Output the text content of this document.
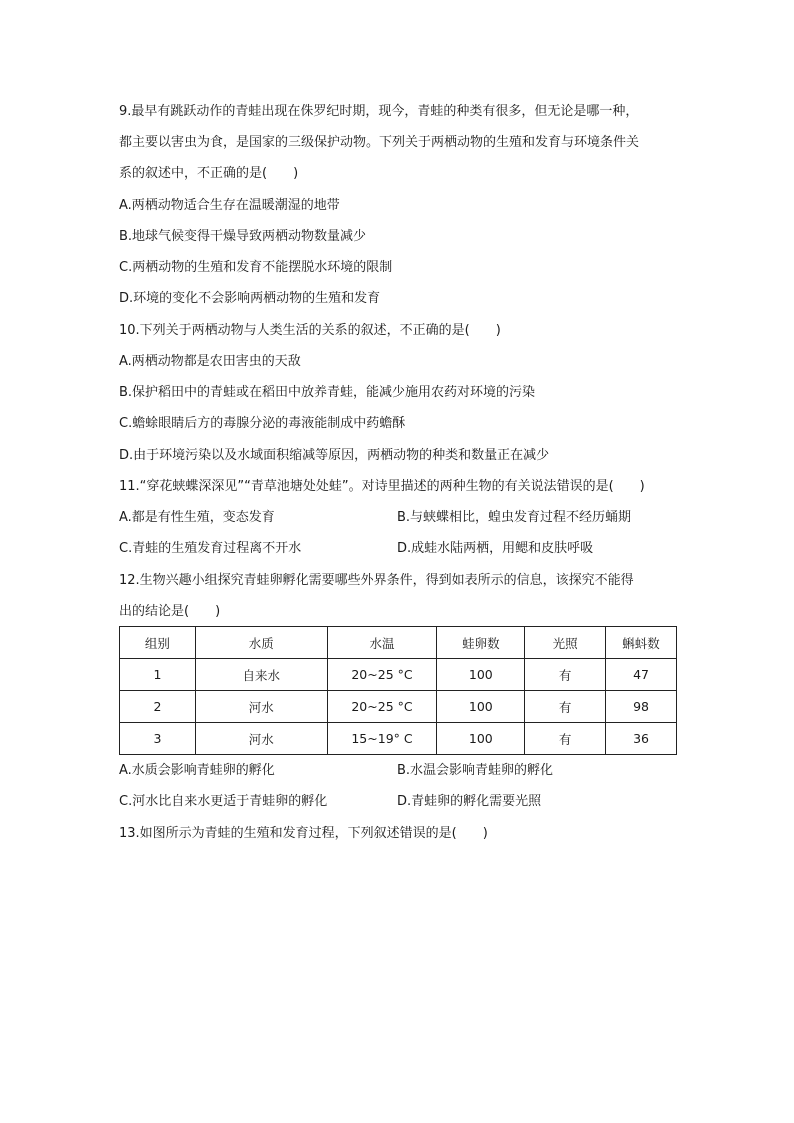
9.最早有跳跃动作的青蛙出现在侏罗纪时期，现今，青蛙的种类有很多，但无论是哪一种，
都主要以害虫为食，是国家的三级保护动物。下列关于两栖动物的生殖和发育与环境条件关
系的叙述中，不正确的是(　　)
A.两栖动物适合生存在温暖潮湿的地带
B.地球气候变得干燥导致两栖动物数量减少
C.两栖动物的生殖和发育不能摆脱水环境的限制
D.环境的变化不会影响两栖动物的生殖和发育
10.下列关于两栖动物与人类生活的关系的叙述，不正确的是(　　)
A.两栖动物都是农田害虫的天敌
B.保护稻田中的青蛙或在稻田中放养青蛙，能减少施用农药对环境的污染
C.蟾蜍眼睛后方的毒腺分泌的毒液能制成中药蟾酥
D.由于环境污染以及水域面积缩减等原因，两栖动物的种类和数量正在减少
11.“穿花蛱蝶深深见”“青草池塘处处蛙”。对诗里描述的两种生物的有关说法错误的是(　　)
A.都是有性生殖，变态发育	B.与蛱蝶相比，蝗虫发育过程不经历蛹期
C.青蛙的生殖发育过程离不开水	D.成蛙水陆两栖，用鳃和皮肤呼吸
12.生物兴趣小组探究青蛙卵孵化需要哪些外界条件，得到如表所示的信息，该探究不能得
出的结论是(　　)
组别	水质	水温	蛙卵数	光照	蝌蚪数
1	自来水	20~25 °C	100	有	47
2	河水	20~25 °C	100	有	98
3	河水	15~19° C	100	有	36
A.水质会影响青蛙卵的孵化	B.水温会影响青蛙卵的孵化
C.河水比自来水更适于青蛙卵的孵化	D.青蛙卵的孵化需要光照
13.如图所示为青蛙的生殖和发育过程，下列叙述错误的是(　　)
